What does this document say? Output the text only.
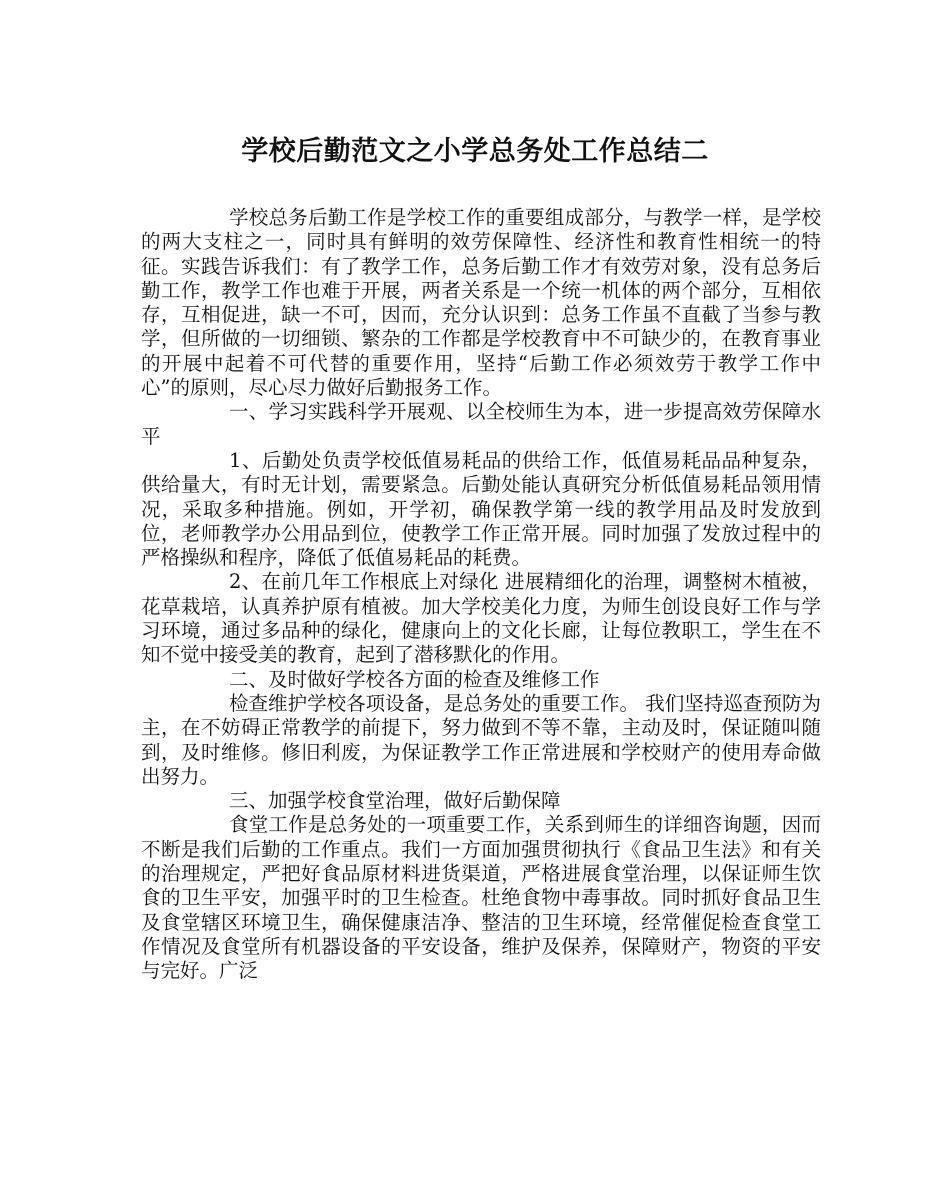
学校后勤范文之小学总务处工作总结二

学校总务后勤工作是学校工作的重要组成部分，与教学一样，是学校的两大支柱之一，同时具有鲜明的效劳保障性、经济性和教育性相统一的特征。实践告诉我们：有了教学工作，总务后勤工作才有效劳对象，没有总务后勤工作，教学工作也难于开展，两者关系是一个统一机体的两个部分，互相依存，互相促进，缺一不可，因而，充分认识到：总务工作虽不直截了当参与教学，但所做的一切细锁、繁杂的工作都是学校教育中不可缺少的，在教育事业的开展中起着不可代替的重要作用，坚持“后勤工作必须效劳于教学工作中心”的原则，尽心尽力做好后勤报务工作。

一、学习实践科学开展观、以全校师生为本，进一步提高效劳保障水平

1、后勤处负责学校低值易耗品的供给工作，低值易耗品品种复杂，供给量大，有时无计划，需要紧急。后勤处能认真研究分析低值易耗品领用情况，采取多种措施。例如，开学初，确保教学第一线的教学用品及时发放到位，老师教学办公用品到位，使教学工作正常开展。同时加强了发放过程中的严格操纵和程序，降低了低值易耗品的耗费。

2、在前几年工作根底上对绿化 进展精细化的治理，调整树木植被，花草栽培，认真养护原有植被。加大学校美化力度，为师生创设良好工作与学习环境，通过多品种的绿化，健康向上的文化长廊，让每位教职工，学生在不知不觉中接受美的教育，起到了潜移默化的作用。

二、及时做好学校各方面的检查及维修工作

检查维护学校各项设备，是总务处的重要工作。 我们坚持巡查预防为主，在不妨碍正常教学的前提下，努力做到不等不靠，主动及时，保证随叫随到，及时维修。修旧利废，为保证教学工作正常进展和学校财产的使用寿命做出努力。

三、加强学校食堂治理，做好后勤保障

食堂工作是总务处的一项重要工作，关系到师生的详细咨询题，因而不断是我们后勤的工作重点。我们一方面加强贯彻执行《食品卫生法》和有关的治理规定，严把好食品原材料进货渠道，严格进展食堂治理，以保证师生饮食的卫生平安，加强平时的卫生检查。杜绝食物中毒事故。同时抓好食品卫生及食堂辖区环境卫生，确保健康洁净、整洁的卫生环境，经常催促检查食堂工作情况及食堂所有机器设备的平安设备，维护及保养，保障财产，物资的平安与完好。广泛
